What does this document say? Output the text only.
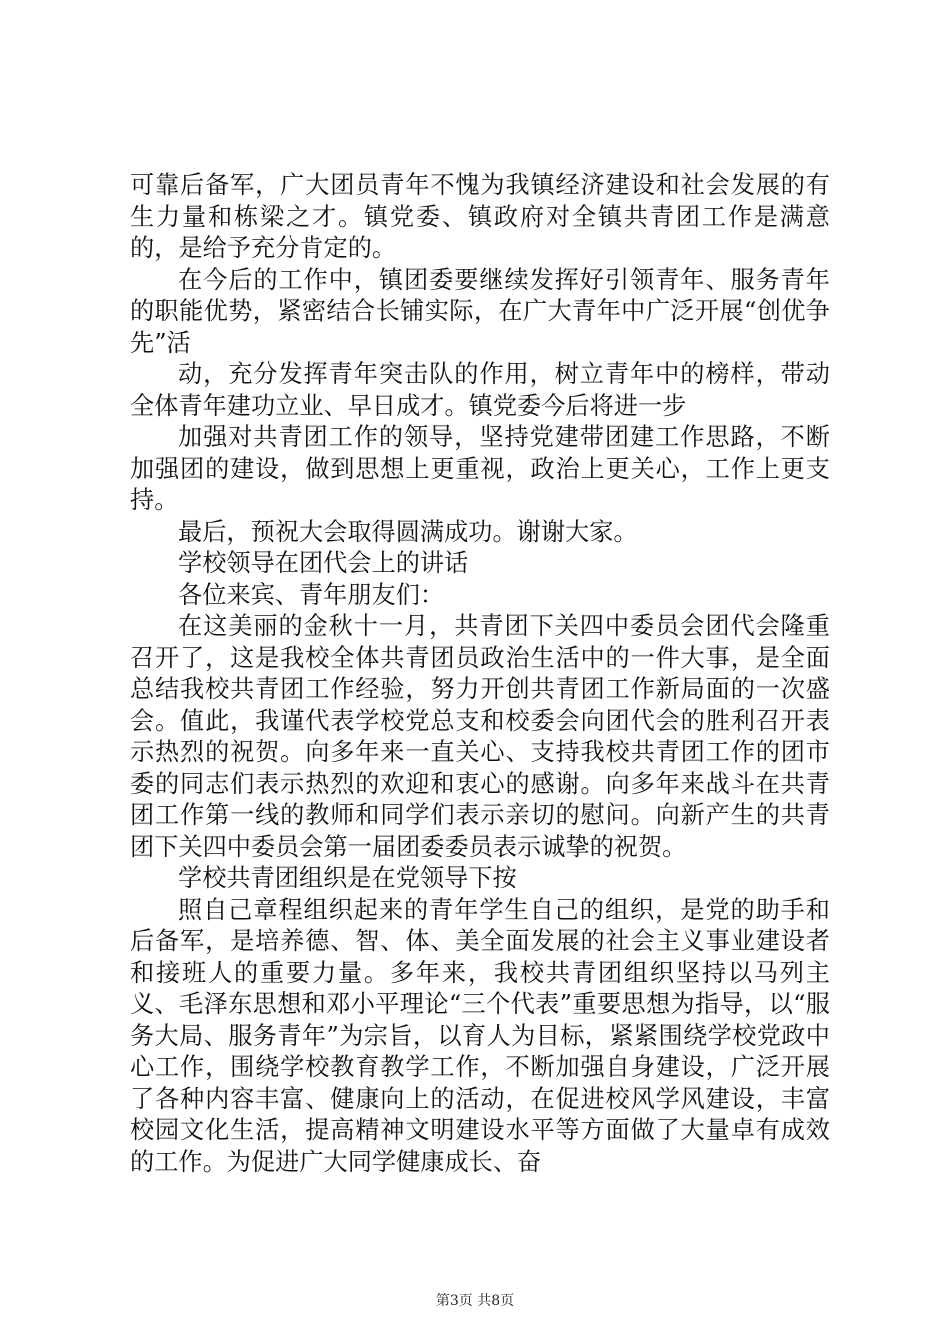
可靠后备军，广大团员青年不愧为我镇经济建设和社会发展的有生力量和栋梁之才。镇党委、镇政府对全镇共青团工作是满意的，是给予充分肯定的。

在今后的工作中，镇团委要继续发挥好引领青年、服务青年的职能优势，紧密结合长铺实际，在广大青年中广泛开展“创优争先”活

动，充分发挥青年突击队的作用，树立青年中的榜样，带动全体青年建功立业、早日成才。镇党委今后将进一步

加强对共青团工作的领导，坚持党建带团建工作思路，不断加强团的建设，做到思想上更重视，政治上更关心，工作上更支持。

最后，预祝大会取得圆满成功。谢谢大家。

学校领导在团代会上的讲话

各位来宾、青年朋友们：

在这美丽的金秋十一月，共青团下关四中委员会团代会隆重召开了，这是我校全体共青团员政治生活中的一件大事，是全面总结我校共青团工作经验，努力开创共青团工作新局面的一次盛会。值此，我谨代表学校党总支和校委会向团代会的胜利召开表示热烈的祝贺。向多年来一直关心、支持我校共青团工作的团市委的同志们表示热烈的欢迎和衷心的感谢。向多年来战斗在共青团工作第一线的教师和同学们表示亲切的慰问。向新产生的共青团下关四中委员会第一届团委委员表示诚挚的祝贺。

学校共青团组织是在党领导下按

照自己章程组织起来的青年学生自己的组织，是党的助手和后备军，是培养德、智、体、美全面发展的社会主义事业建设者和接班人的重要力量。多年来，我校共青团组织坚持以马列主义、毛泽东思想和邓小平理论“三个代表”重要思想为指导，以“服务大局、服务青年”为宗旨，以育人为目标，紧紧围绕学校党政中心工作，围绕学校教育教学工作，不断加强自身建设，广泛开展了各种内容丰富、健康向上的活动，在促进校风学风建设，丰富校园文化生活，提高精神文明建设水平等方面做了大量卓有成效的工作。为促进广大同学健康成长、奋

第3页 共8页
